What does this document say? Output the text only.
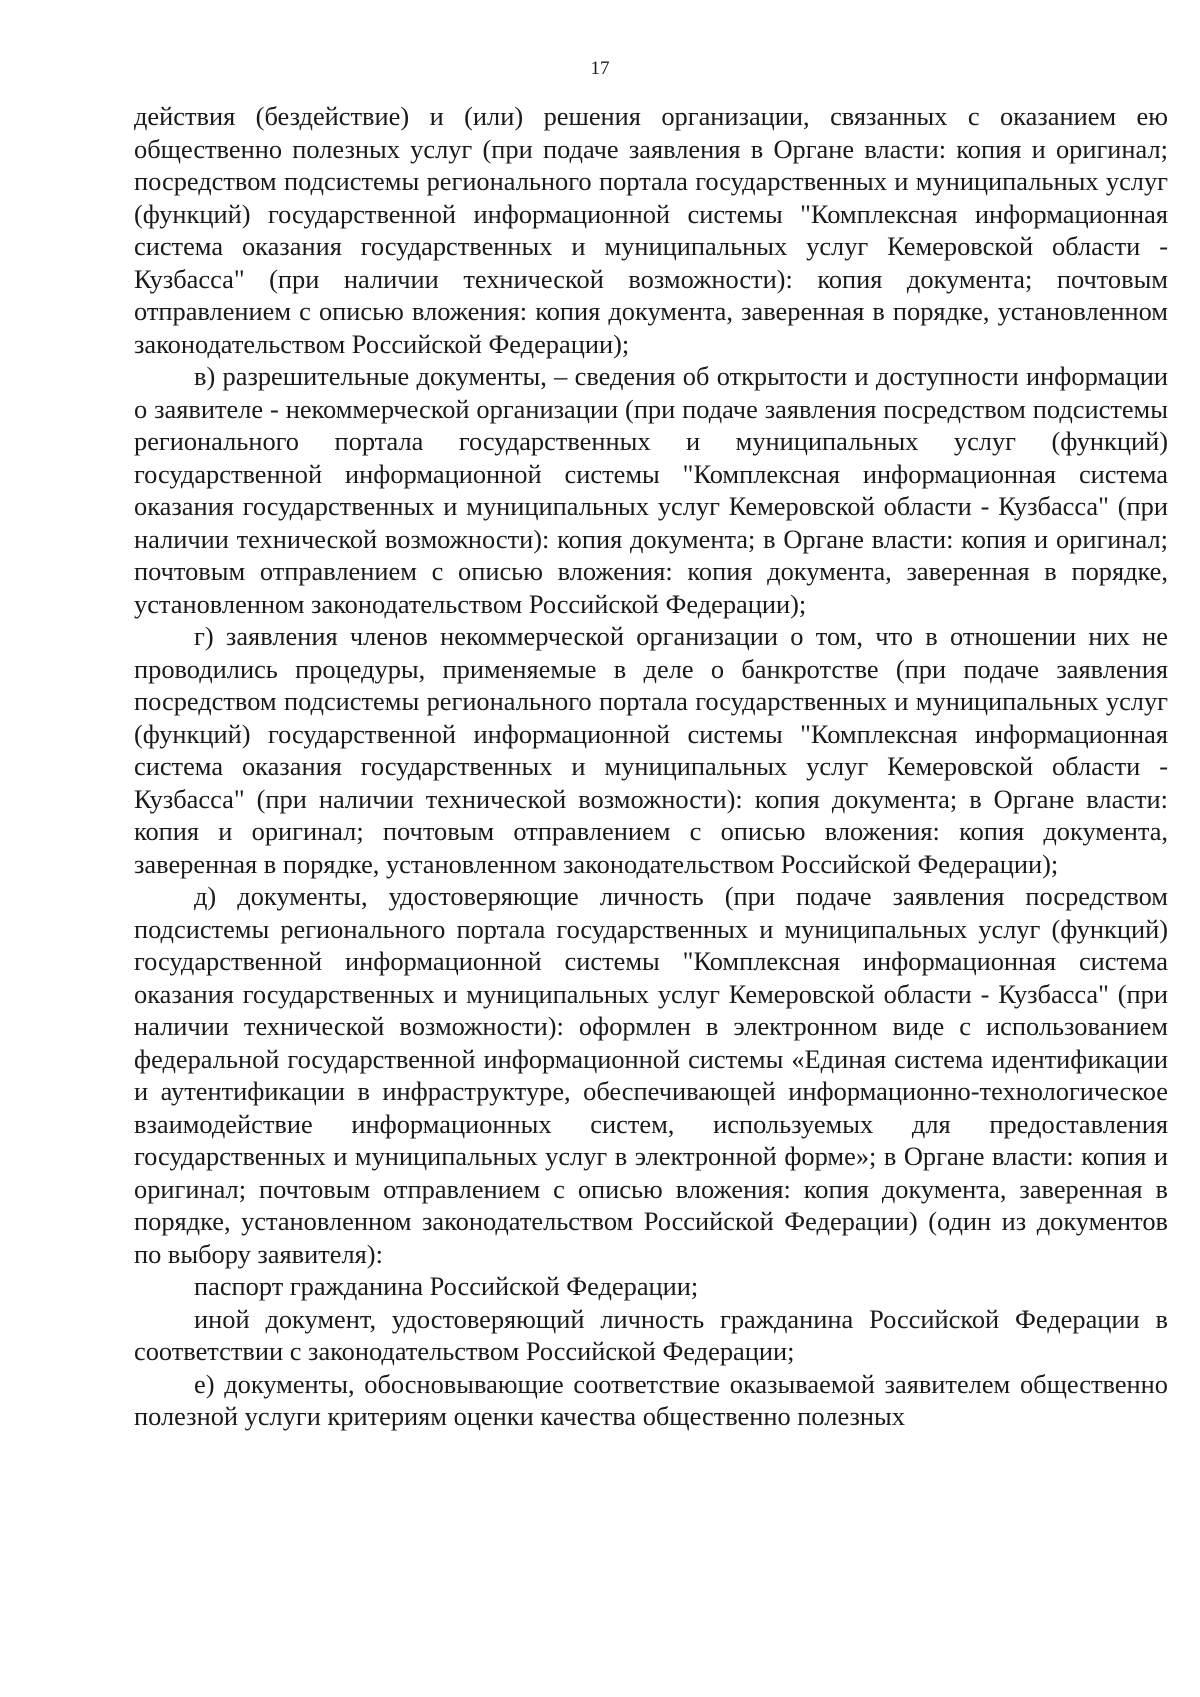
17

действия (бездействие) и (или) решения организации, связанных с оказанием ею общественно полезных услуг (при подаче заявления в Органе власти: копия и оригинал; посредством подсистемы регионального портала государственных и муниципальных услуг (функций) государственной информационной системы "Комплексная информационная система оказания государственных и муниципальных услуг Кемеровской области - Кузбасса" (при наличии технической возможности): копия документа; почтовым отправлением с описью вложения: копия документа, заверенная в порядке, установленном законодательством Российской Федерации);

в) разрешительные документы, – сведения об открытости и доступности информации о заявителе - некоммерческой организации (при подаче заявления посредством подсистемы регионального портала государственных и муниципальных услуг (функций) государственной информационной системы "Комплексная информационная система оказания государственных и муниципальных услуг Кемеровской области - Кузбасса" (при наличии технической возможности): копия документа; в Органе власти: копия и оригинал; почтовым отправлением с описью вложения: копия документа, заверенная в порядке, установленном законодательством Российской Федерации);

г) заявления членов некоммерческой организации о том, что в отношении них не проводились процедуры, применяемые в деле о банкротстве (при подаче заявления посредством подсистемы регионального портала государственных и муниципальных услуг (функций) государственной информационной системы "Комплексная информационная система оказания государственных и муниципальных услуг Кемеровской области - Кузбасса" (при наличии технической возможности): копия документа; в Органе власти: копия и оригинал; почтовым отправлением с описью вложения: копия документа, заверенная в порядке, установленном законодательством Российской Федерации);

д) документы, удостоверяющие личность (при подаче заявления посредством подсистемы регионального портала государственных и муниципальных услуг (функций) государственной информационной системы "Комплексная информационная система оказания государственных и муниципальных услуг Кемеровской области - Кузбасса" (при наличии технической возможности): оформлен в электронном виде с использованием федеральной государственной информационной системы «Единая система идентификации и аутентификации в инфраструктуре, обеспечивающей информационно-технологическое взаимодействие информационных систем, используемых для предоставления государственных и муниципальных услуг в электронной форме»; в Органе власти: копия и оригинал; почтовым отправлением с описью вложения: копия документа, заверенная в порядке, установленном законодательством Российской Федерации) (один из документов по выбору заявителя):

паспорт гражданина Российской Федерации;

иной документ, удостоверяющий личность гражданина Российской Федерации в соответствии с законодательством Российской Федерации;

е) документы, обосновывающие соответствие оказываемой заявителем общественно полезной услуги критериям оценки качества общественно полезных
